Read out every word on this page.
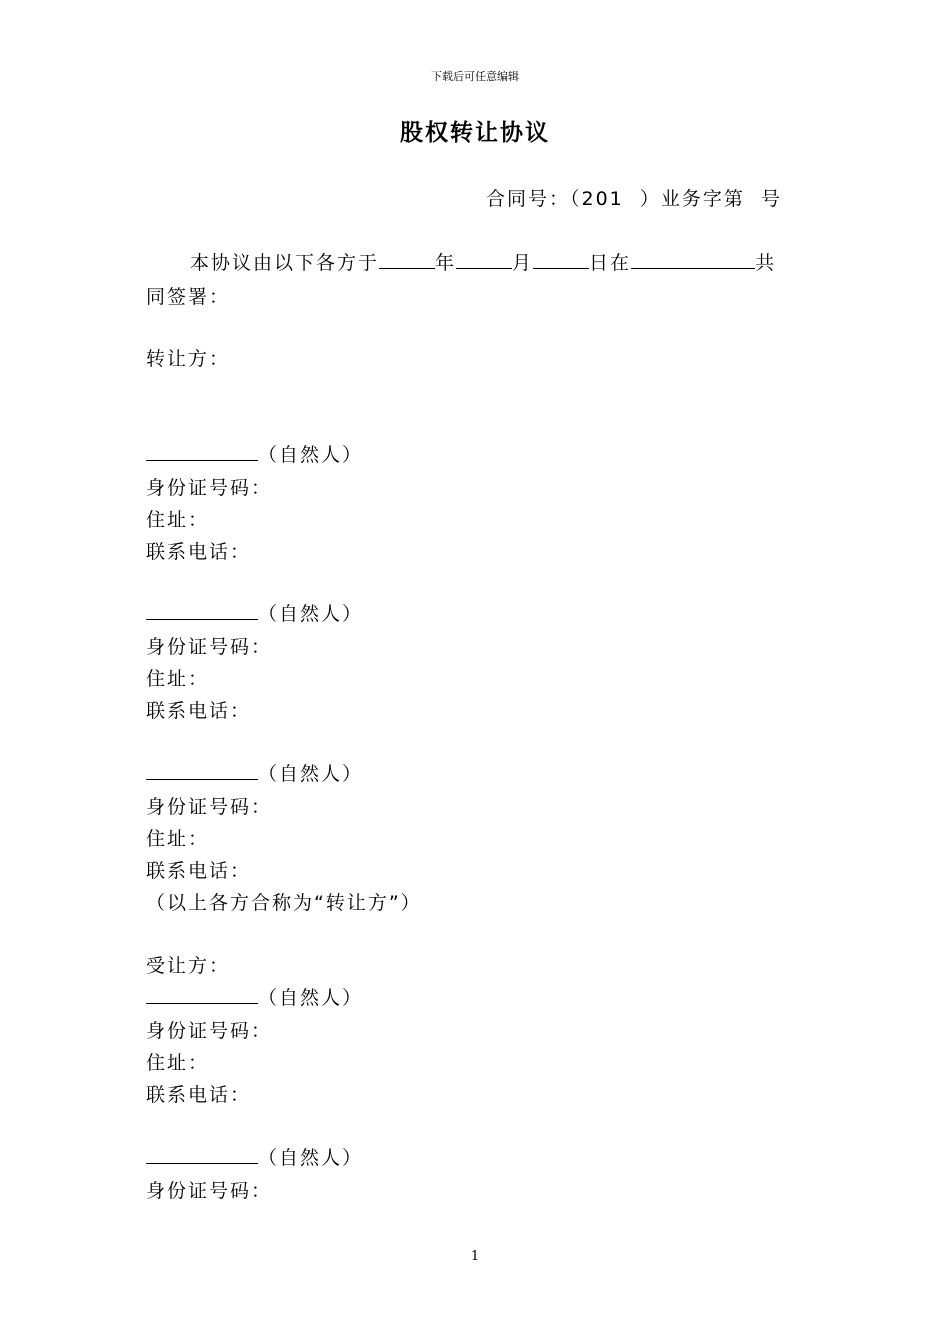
下载后可任意编辑
股权转让协议
合同号：（201  ）业务字第  号
本协议由以下各方于	年	月	日在	共
同签署：
转让方：
（自然人）
身份证号码：
住址：
联系电话：
（自然人）
身份证号码：
住址：
联系电话：
（自然人）
身份证号码：
住址：
联系电话：
（以上各方合称为“转让方”）
受让方：
（自然人）
身份证号码：
住址：
联系电话：
（自然人）
身份证号码：
1
